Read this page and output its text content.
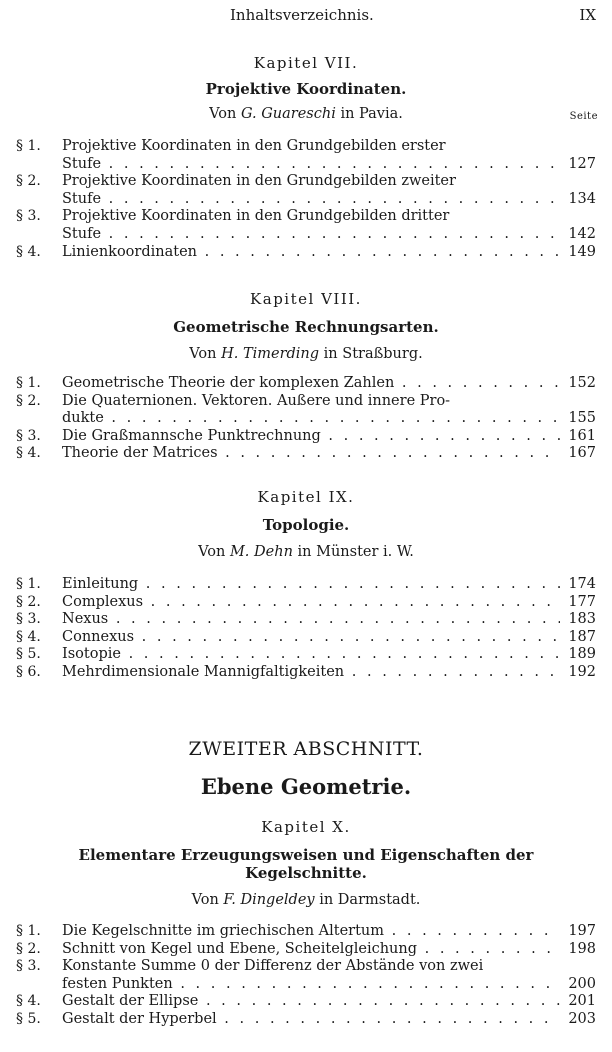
Inhaltsverzeichnis.	IX
Kapitel VII.
Projektive Koordinaten.
Von G. Guareschi in Pavia.	Seite
§ 1.	Projektive Koordinaten in den Grundgebilden erster
Stufe . . .	127
§ 2.	Projektive Koordinaten in den Grundgebilden zweiter
Stufe . . .	134
§ 3.	Projektive Koordinaten in den Grundgebilden dritter
Stufe . . .	142
§ 4.	Linienkoordinaten . . .	149
Kapitel VIII.
Geometrische Rechnungsarten.
Von H. Timerding in Straßburg.
§ 1.	Geometrische Theorie der komplexen Zahlen . . .	152
§ 2.	Die Quaternionen. Vektoren. Äußere und innere Pro-
dukte . . .	155
§ 3.	Die Graßmannsche Punktrechnung . . .	161
§ 4.	Theorie der Matrices . . .	167
Kapitel IX.
Topologie.
Von M. Dehn in Münster i. W.
§ 1.	Einleitung . . .	174
§ 2.	Complexus . . .	177
§ 3.	Nexus . . .	183
§ 4.	Connexus . . .	187
§ 5.	Isotopie . . .	189
§ 6.	Mehrdimensionale Mannigfaltigkeiten . . .	192
ZWEITER ABSCHNITT.
Ebene Geometrie.
Kapitel X.
Elementare Erzeugungsweisen und Eigenschaften der
Kegelschnitte.
Von F. Dingeldey in Darmstadt.
§ 1.	Die Kegelschnitte im griechischen Altertum . . .	197
§ 2.	Schnitt von Kegel und Ebene, Scheitelgleichung . . .	198
§ 3.	Konstante Summe 0 der Differenz der Abstände von zwei
festen Punkten . . .	200
§ 4.	Gestalt der Ellipse . . .	201
§ 5.	Gestalt der Hyperbel . . .	203
